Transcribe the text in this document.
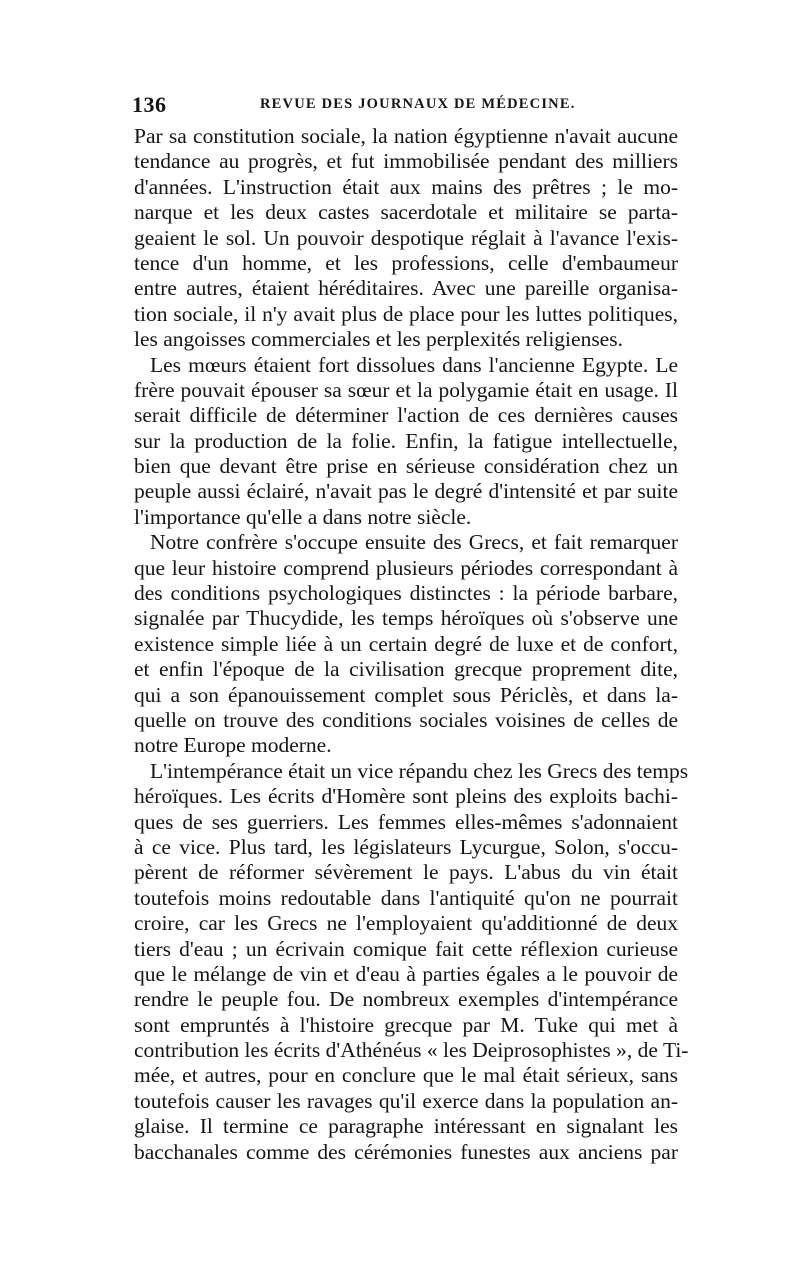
136	REVUE DES JOURNAUX DE MÉDECINE.
Par sa constitution sociale, la nation égyptienne n'avait aucune
tendance au progrès, et fut immobilisée pendant des milliers
d'années. L'instruction était aux mains des prêtres ; le mo-
narque et les deux castes sacerdotale et militaire se parta-
geaient le sol. Un pouvoir despotique réglait à l'avance l'exis-
tence d'un homme, et les professions, celle d'embaumeur
entre autres, étaient héréditaires. Avec une pareille organisa-
tion sociale, il n'y avait plus de place pour les luttes politiques,
les angoisses commerciales et les perplexités religienses.
Les mœurs étaient fort dissolues dans l'ancienne Egypte. Le
frère pouvait épouser sa sœur et la polygamie était en usage. Il
serait difficile de déterminer l'action de ces dernières causes
sur la production de la folie. Enfin, la fatigue intellectuelle,
bien que devant être prise en sérieuse considération chez un
peuple aussi éclairé, n'avait pas le degré d'intensité et par suite
l'importance qu'elle a dans notre siècle.
Notre confrère s'occupe ensuite des Grecs, et fait remarquer
que leur histoire comprend plusieurs périodes correspondant à
des conditions psychologiques distinctes : la période barbare,
signalée par Thucydide, les temps héroïques où s'observe une
existence simple liée à un certain degré de luxe et de confort,
et enfin l'époque de la civilisation grecque proprement dite,
qui a son épanouissement complet sous Périclès, et dans la-
quelle on trouve des conditions sociales voisines de celles de
notre Europe moderne.
L'intempérance était un vice répandu chez les Grecs des temps
héroïques. Les écrits d'Homère sont pleins des exploits bachi-
ques de ses guerriers. Les femmes elles-mêmes s'adonnaient
à ce vice. Plus tard, les législateurs Lycurgue, Solon, s'occu-
pèrent de réformer sévèrement le pays. L'abus du vin était
toutefois moins redoutable dans l'antiquité qu'on ne pourrait
croire, car les Grecs ne l'employaient qu'additionné de deux
tiers d'eau ; un écrivain comique fait cette réflexion curieuse
que le mélange de vin et d'eau à parties égales a le pouvoir de
rendre le peuple fou. De nombreux exemples d'intempérance
sont empruntés à l'histoire grecque par M. Tuke qui met à
contribution les écrits d'Athénéus « les Deiprosophistes », de Ti-
mée, et autres, pour en conclure que le mal était sérieux, sans
toutefois causer les ravages qu'il exerce dans la population an-
glaise. Il termine ce paragraphe intéressant en signalant les
bacchanales comme des cérémonies funestes aux anciens par
